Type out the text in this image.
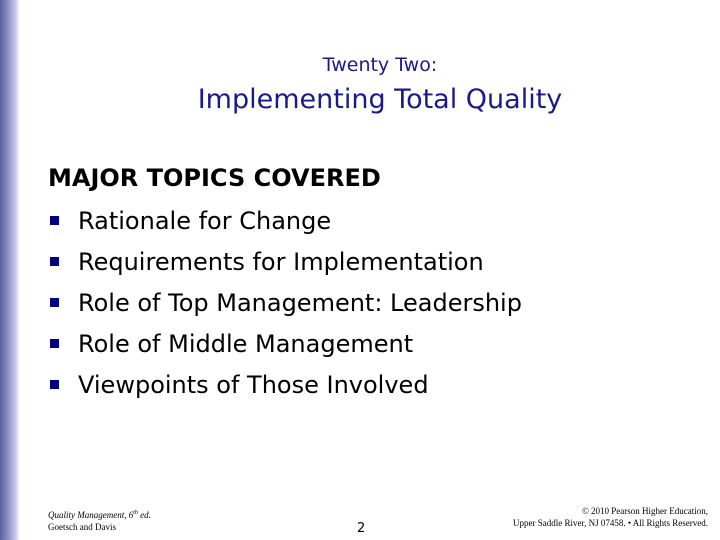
Twenty Two:
Implementing Total Quality
MAJOR TOPICS COVERED
Rationale for Change
Requirements for Implementation
Role of Top Management: Leadership
Role of Middle Management
Viewpoints of Those Involved
Quality Management, 6th ed.
Goetsch and Davis	2
© 2010 Pearson Higher Education,
Upper Saddle River, NJ 07458. • All Rights Reserved.
